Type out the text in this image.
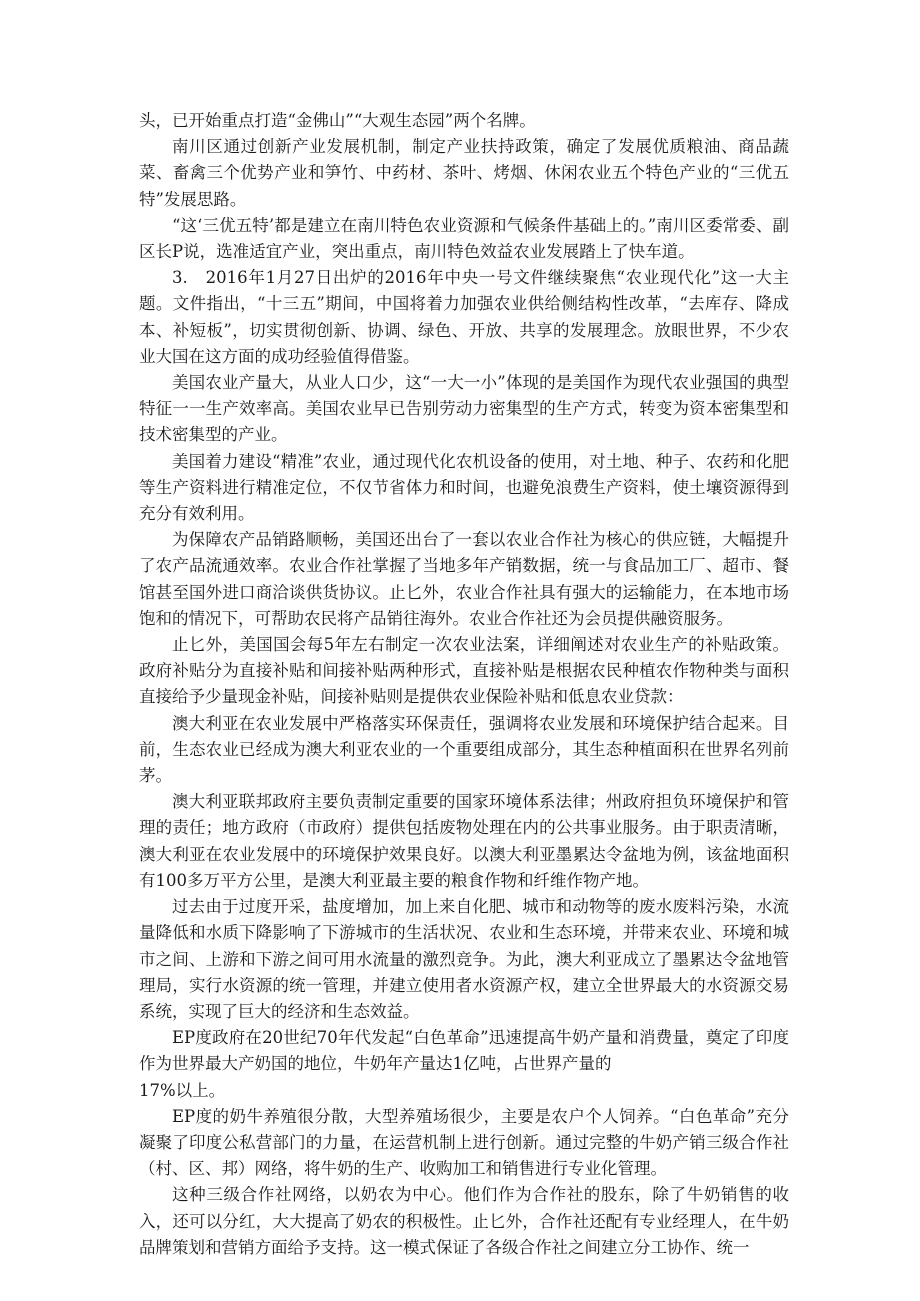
头，已开始重点打造“金佛山”“大观生态园”两个名牌。

南川区通过创新产业发展机制，制定产业扶持政策，确定了发展优质粮油、商品蔬菜、畜禽三个优势产业和笋竹、中药材、茶叶、烤烟、休闲农业五个特色产业的“三优五特”发展思路。

“这‘三优五特’都是建立在南川特色农业资源和气候条件基础上的。”南川区委常委、副区长P说，选准适宜产业，突出重点，南川特色效益农业发展踏上了快车道。

3.　2016年1月27日出炉的2016年中央一号文件继续聚焦“农业现代化”这一大主题。文件指出，“十三五”期间，中国将着力加强农业供给侧结构性改革，“去库存、降成本、补短板”，切实贯彻创新、协调、绿色、开放、共享的发展理念。放眼世界，不少农业大国在这方面的成功经验值得借鉴。

美国农业产量大，从业人口少，这“一大一小”体现的是美国作为现代农业强国的典型特征一一生产效率高。美国农业早已告别劳动力密集型的生产方式，转变为资本密集型和技术密集型的产业。

美国着力建设“精准”农业，通过现代化农机设备的使用，对土地、种子、农药和化肥等生产资料进行精准定位，不仅节省体力和时间，也避免浪费生产资料，使土壤资源得到充分有效利用。

为保障农产品销路顺畅，美国还出台了一套以农业合作社为核心的供应链，大幅提升了农产品流通效率。农业合作社掌握了当地多年产销数据，统一与食品加工厂、超市、餐馆甚至国外进口商洽谈供货协议。止匕外，农业合作社具有强大的运输能力，在本地市场饱和的情况下，可帮助农民将产品销往海外。农业合作社还为会员提供融资服务。

止匕外，美国国会每5年左右制定一次农业法案，详细阐述对农业生产的补贴政策。政府补贴分为直接补贴和间接补贴两种形式，直接补贴是根据农民种植农作物种类与面积直接给予少量现金补贴，间接补贴则是提供农业保险补贴和低息农业贷款：

澳大利亚在农业发展中严格落实环保责任，强调将农业发展和环境保护结合起来。目前，生态农业已经成为澳大利亚农业的一个重要组成部分，其生态种植面积在世界名列前茅。

澳大利亚联邦政府主要负责制定重要的国家环境体系法律；州政府担负环境保护和管理的责任；地方政府（市政府）提供包括废物处理在内的公共事业服务。由于职责清晰，澳大利亚在农业发展中的环境保护效果良好。以澳大利亚墨累达令盆地为例，该盆地面积有100多万平方公里，是澳大利亚最主要的粮食作物和纤维作物产地。

过去由于过度开采，盐度增加，加上来自化肥、城市和动物等的废水废料污染，水流量降低和水质下降影响了下游城市的生活状况、农业和生态环境，并带来农业、环境和城市之间、上游和下游之间可用水流量的激烈竞争。为此，澳大利亚成立了墨累达令盆地管理局，实行水资源的统一管理，并建立使用者水资源产权，建立全世界最大的水资源交易系统，实现了巨大的经济和生态效益。

EP度政府在20世纪70年代发起“白色革命”迅速提高牛奶产量和消费量，奠定了印度作为世界最大产奶国的地位，牛奶年产量达1亿吨，占世界产量的

17%以上。

EP度的奶牛养殖很分散，大型养殖场很少，主要是农户个人饲养。“白色革命”充分凝聚了印度公私营部门的力量，在运营机制上进行创新。通过完整的牛奶产销三级合作社（村、区、邦）网络，将牛奶的生产、收购加工和销售进行专业化管理。

这种三级合作社网络，以奶农为中心。他们作为合作社的股东，除了牛奶销售的收入，还可以分红，大大提高了奶农的积极性。止匕外，合作社还配有专业经理人，在牛奶品牌策划和营销方面给予支持。这一模式保证了各级合作社之间建立分工协作、统一
